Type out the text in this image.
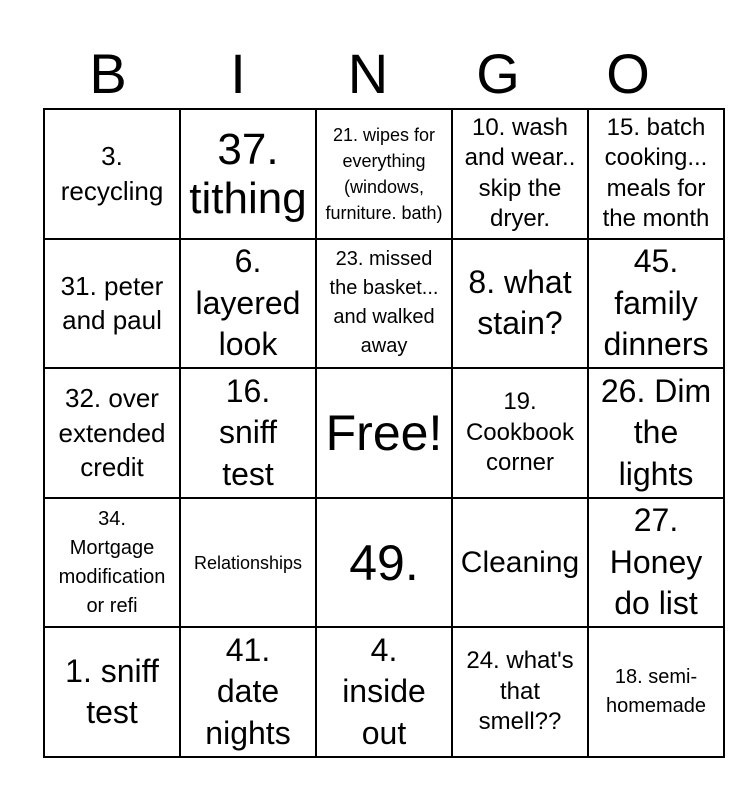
B	I	N	G	O
3.
recycling	37.
tithing	21. wipes for
everything
(windows,
furniture. bath)	10. wash
and wear..
skip the
dryer.	15. batch
cooking...
meals for
the month

31. peter
and paul	6.
layered
look	23. missed
the basket...
and walked
away	8. what
stain?	45.
family
dinners

32. over
extended
credit	16.
sniff
test	Free!	19.
Cookbook
corner	26. Dim
the
lights

34.
Mortgage
modification
or refi	Relationships	49.	Cleaning	27.
Honey
do list

1. sniff
test	41.
date
nights	4.
inside
out	24. what's
that
smell??	18. semi-
homemade
